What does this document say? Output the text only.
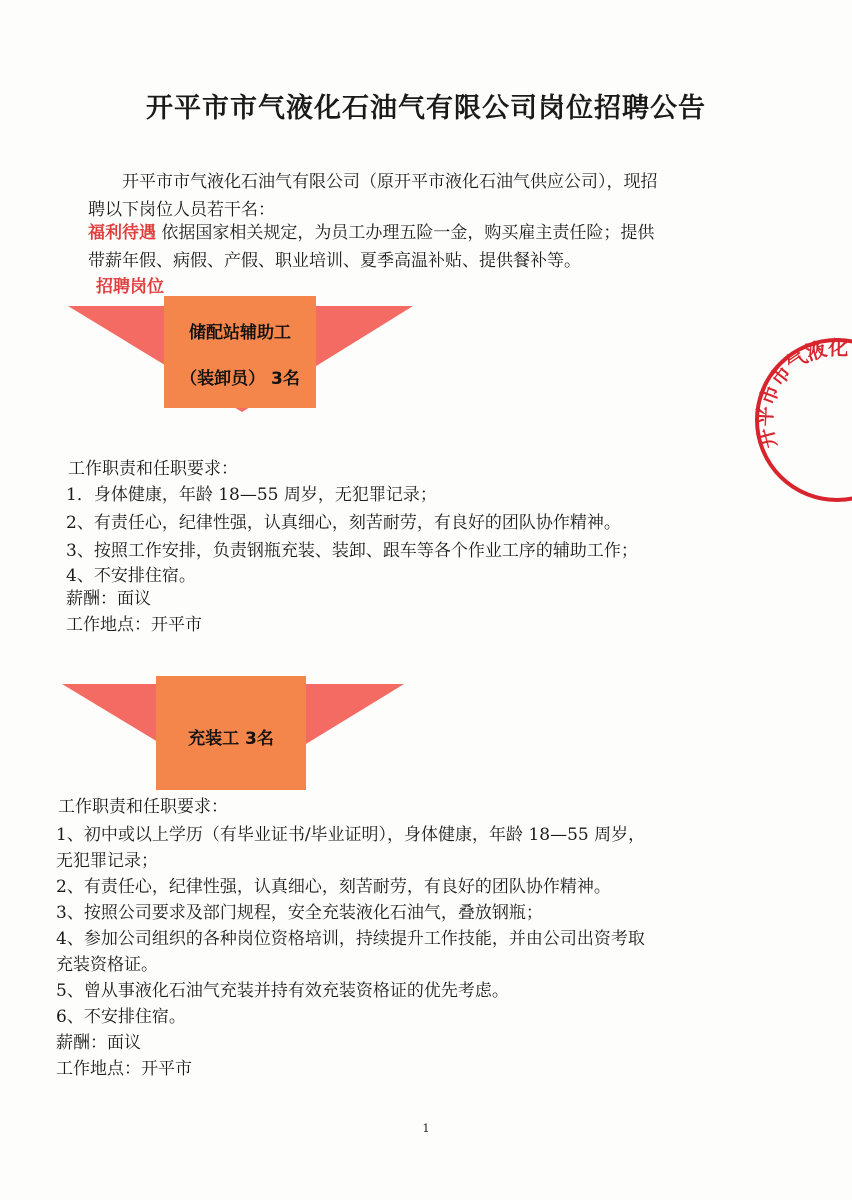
开平市市气液化石油气有限公司岗位招聘公告
开平市市气液化石油气有限公司（原开平市液化石油气供应公司），现招
聘以下岗位人员若干名：
福利待遇 依据国家相关规定，为员工办理五险一金，购买雇主责任险；提供
带薪年假、病假、产假、职业培训、夏季高温补贴、提供餐补等。
招聘岗位
储配站辅助工
（装卸员） 3名
工作职责和任职要求：
1．身体健康，年龄 18—55 周岁，无犯罪记录；
2、有责任心，纪律性强，认真细心，刻苦耐劳，有良好的团队协作精神。
3、按照工作安排，负责钢瓶充装、装卸、跟车等各个作业工序的辅助工作；
4、不安排住宿。
薪酬：面议
工作地点：开平市
充装工 3名
工作职责和任职要求：
1、初中或以上学历（有毕业证书/毕业证明），身体健康，年龄 18—55 周岁，
无犯罪记录；
2、有责任心，纪律性强，认真细心，刻苦耐劳，有良好的团队协作精神。
3、按照公司要求及部门规程，安全充装液化石油气，叠放钢瓶；
4、参加公司组织的各种岗位资格培训，持续提升工作技能，并由公司出资考取
充装资格证。
5、曾从事液化石油气充装并持有效充装资格证的优先考虑。
6、不安排住宿。
薪酬：面议
工作地点：开平市
开平市市气液化
1
